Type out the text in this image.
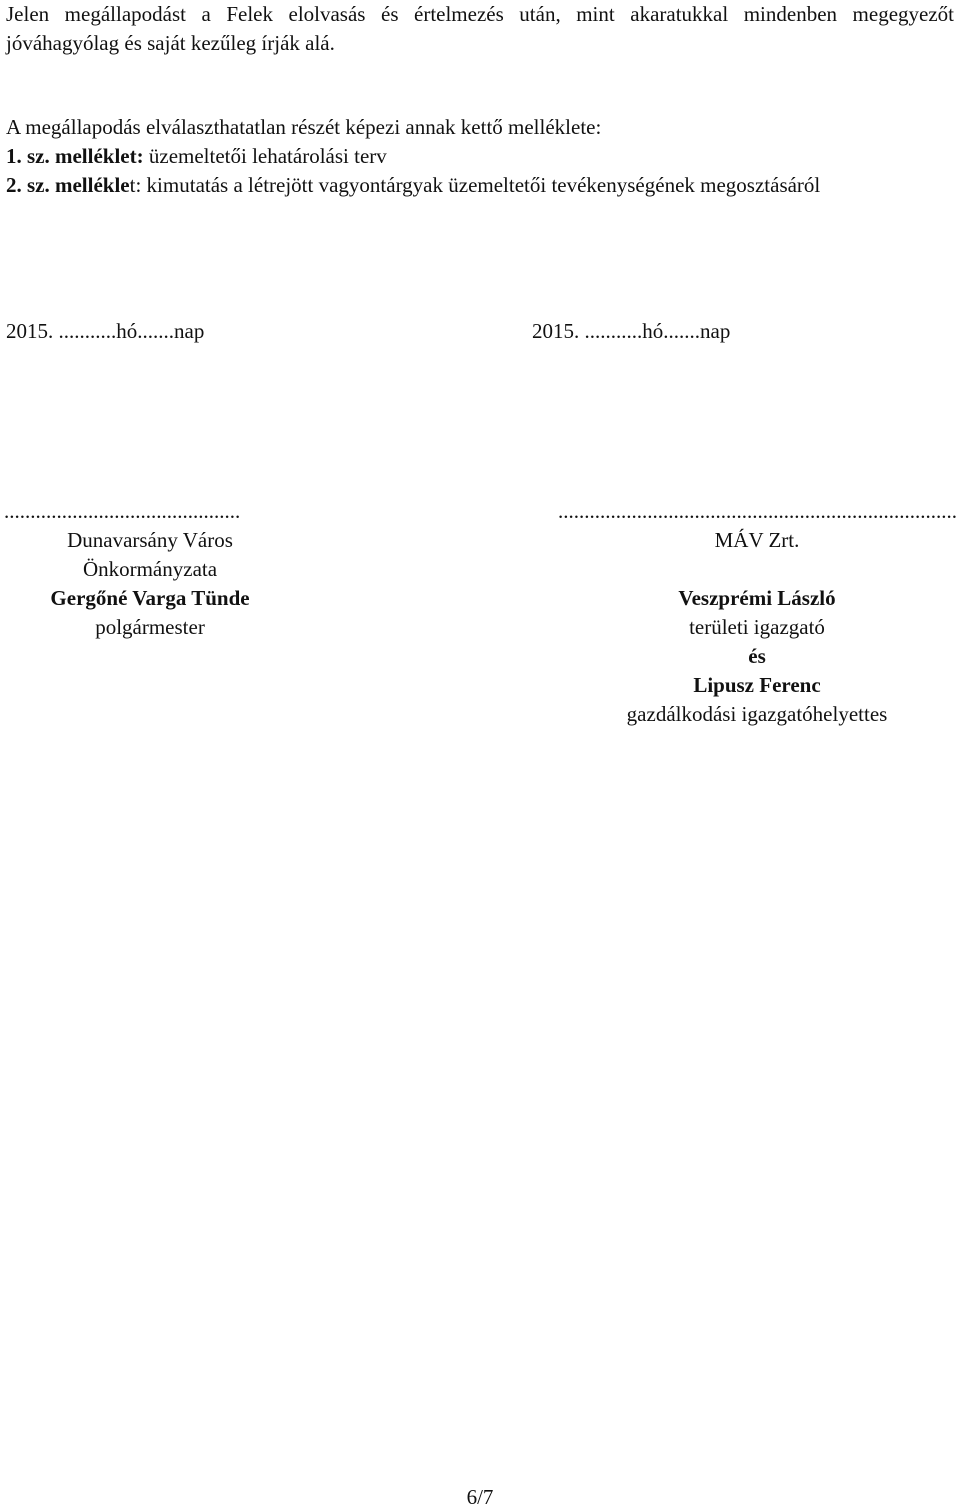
Jelen megállapodást a Felek elolvasás és értelmezés után, mint akaratukkal mindenben megegyezőt jóváhagyólag és saját kezűleg írják alá.

A megállapodás elválaszthatatlan részét képezi annak kettő melléklete:
1. sz. melléklet: üzemeltetői lehatárolási terv
2. sz. melléklet: kimutatás a létrejött vagyontárgyak üzemeltetői tevékenységének megosztásáról

2015. ...........hó.......nap	2015. ...........hó.......nap

.............................................
Dunavarsány Város
Önkormányzata
Gergőné Varga Tünde
polgármester
............................................................................
MÁV Zrt.

Veszprémi László
területi igazgató
és
Lipusz Ferenc
gazdálkodási igazgatóhelyettes

6/7
